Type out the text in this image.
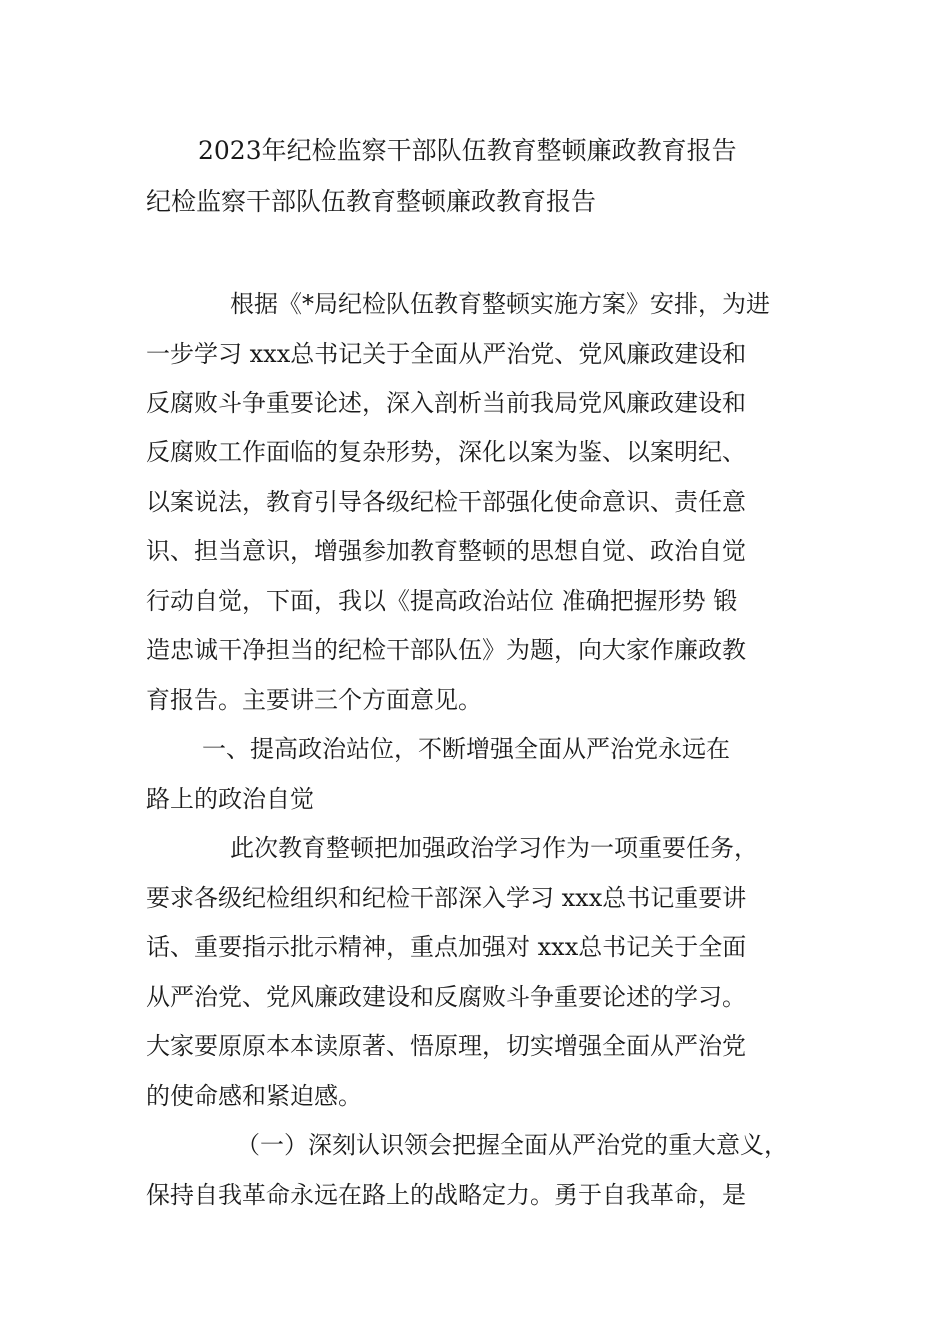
2023年纪检监察干部队伍教育整顿廉政教育报告
纪检监察干部队伍教育整顿廉政教育报告

根据《*局纪检队伍教育整顿实施方案》安排，为进

一步学习 xxx总书记关于全面从严治党、党风廉政建设和

反腐败斗争重要论述，深入剖析当前我局党风廉政建设和

反腐败工作面临的复杂形势，深化以案为鉴、以案明纪、

以案说法，教育引导各级纪检干部强化使命意识、责任意

识、担当意识，增强参加教育整顿的思想自觉、政治自觉

行动自觉，下面，我以《提高政治站位 准确把握形势 锻

造忠诚干净担当的纪检干部队伍》为题，向大家作廉政教

育报告。主要讲三个方面意见。

一、提高政治站位，不断增强全面从严治党永远在

路上的政治自觉

此次教育整顿把加强政治学习作为一项重要任务，

要求各级纪检组织和纪检干部深入学习 xxx总书记重要讲

话、重要指示批示精神，重点加强对 xxx总书记关于全面

从严治党、党风廉政建设和反腐败斗争重要论述的学习。

大家要原原本本读原著、悟原理，切实增强全面从严治党

的使命感和紧迫感。

（一）深刻认识领会把握全面从严治党的重大意义，

保持自我革命永远在路上的战略定力。勇于自我革命，是
